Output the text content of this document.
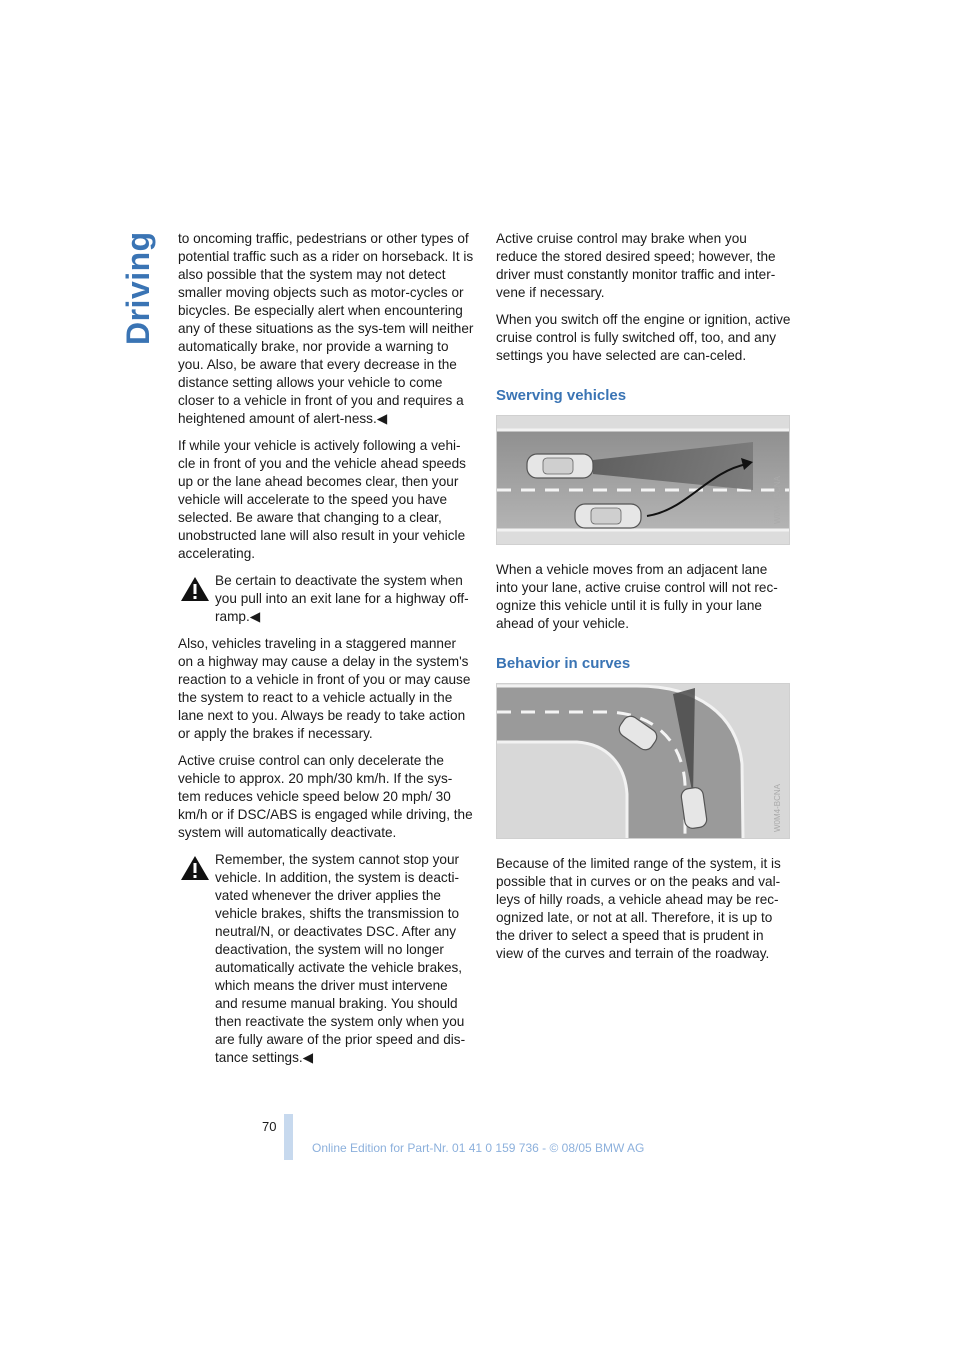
Driving to oncoming traffic, pedestrians or other types of potential traffic such as a rider on horseback. It is also possible that the system may not detect smaller moving objects such as motor-cycles or bicycles. Be especially alert when encountering any of these situations as the sys-tem will neither automatically brake, nor provide a warning to you. Also, be aware that every decrease in the distance setting allows your vehicle to come closer to a vehicle in front of you and requires a heightened amount of alert-ness.◀

If while your vehicle is actively following a vehi-cle in front of you and the vehicle ahead speeds up or the lane ahead becomes clear, then your vehicle will accelerate to the speed you have selected. Be aware that changing to a clear, unobstructed lane will also result in your vehicle accelerating.

Be certain to deactivate the system when you pull into an exit lane for a highway off-ramp.◀

Also, vehicles traveling in a staggered manner on a highway may cause a delay in the system's reaction to a vehicle in front of you or may cause the system to react to a vehicle actually in the lane next to you. Always be ready to take action or apply the brakes if necessary.

Active cruise control can only decelerate the vehicle to approx. 20 mph/30 km/h. If the sys-tem reduces vehicle speed below 20 mph/ 30 km/h or if DSC/ABS is engaged while driving, the system will automatically deactivate.

Remember, the system cannot stop your vehicle. In addition, the system is deacti-vated whenever the driver applies the vehicle brakes, shifts the transmission to neutral/N, or deactivates DSC. After any deactivation, the system will no longer automatically activate the vehicle brakes, which means the driver must intervene and resume manual braking. You should then reactivate the system only when you are fully aware of the prior speed and dis-tance settings.◀

Active cruise control may brake when you reduce the stored desired speed; however, the driver must constantly monitor traffic and inter-vene if necessary.

When you switch off the engine or ignition, active cruise control is fully switched off, too, and any settings you have selected are can-celed.

Swerving vehicles
W0M4-BCNA

When a vehicle moves from an adjacent lane into your lane, active cruise control will not rec-ognize this vehicle until it is fully in your lane ahead of your vehicle.

Behavior in curves
W0M4-BCNA

Because of the limited range of the system, it is possible that in curves or on the peaks and val-leys of hilly roads, a vehicle ahead may be rec-ognized late, or not at all. Therefore, it is up to the driver to select a speed that is prudent in view of the curves and terrain of the roadway.

70
Online Edition for Part-Nr. 01 41 0 159 736 - © 08/05 BMW AG
